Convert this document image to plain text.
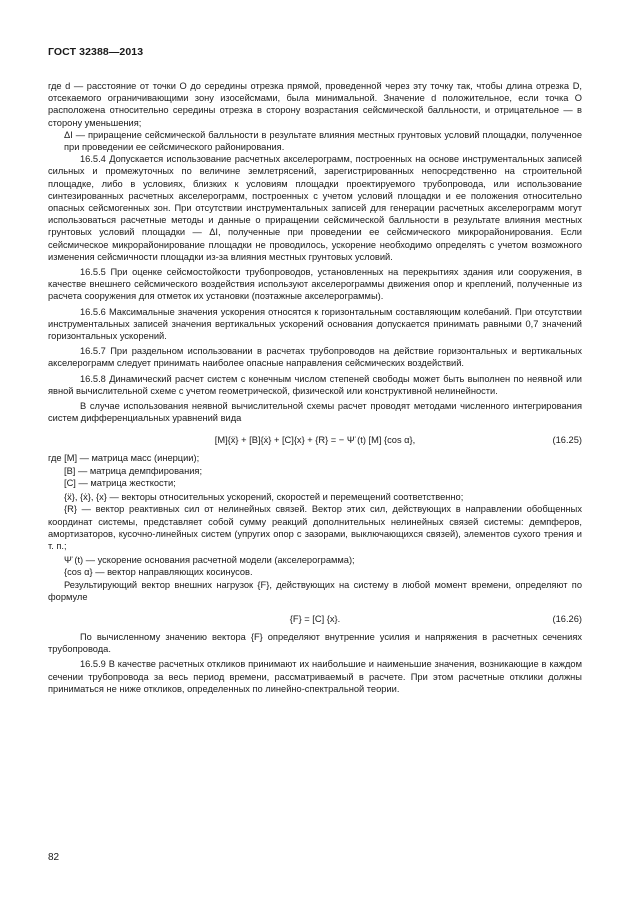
ГОСТ 32388—2013

где d — расстояние от точки O до середины отрезка прямой, проведенной через эту точку так, чтобы длина отрезка D, отсекаемого ограничивающими зону изосейсмами, была минимальной. Значение d положительное, если точка O расположена относительно середины отрезка в сторону возрастания сейсмической балльности, и отрицательное — в сторону уменьшения;

ΔI — приращение сейсмической балльности в результате влияния местных грунтовых условий площадки, полученное при проведении ее сейсмического районирования.

16.5.4 Допускается использование расчетных акселерограмм, построенных на основе инструментальных записей сильных и промежуточных по величине землетрясений, зарегистрированных непосредственно на строительной площадке, либо в условиях, близких к условиям площадки проектируемого трубопровода, или использование синтезированных расчетных акселерограмм, построенных с учетом условий площадки и ее положения относительно опасных сейсмогенных зон. При отсутствии инструментальных записей для генерации расчетных акселерограмм могут использоваться расчетные методы и данные о приращении сейсмической балльности в результате влияния местных грунтовых условий площадки — ΔI, полученные при проведении ее сейсмического микрорайонирования. Если сейсмическое микрорайонирование площадки не проводилось, ускорение необходимо определять с учетом возможного изменения сейсмичности площадки из-за влияния местных грунтовых условий.

16.5.5 При оценке сейсмостойкости трубопроводов, установленных на перекрытиях здания или сооружения, в качестве внешнего сейсмического воздействия используют акселерограммы движения опор и креплений, полученные из расчета сооружения для отметок их установки (поэтажные акселерограммы).

16.5.6 Максимальные значения ускорения относятся к горизонтальным составляющим колебаний. При отсутствии инструментальных записей значения вертикальных ускорений основания допускается принимать равными 0,7 значений горизонтальных ускорений.

16.5.7 При раздельном использовании в расчетах трубопроводов на действие горизонтальных и вертикальных акселерограмм следует принимать наиболее опасные направления сейсмических воздействий.

16.5.8 Динамический расчет систем с конечным числом степеней свободы может быть выполнен по неявной или явной вычислительной схеме с учетом геометрической, физической или конструктивной нелинейности.

В случае использования неявной вычислительной схемы расчет проводят методами численного интегрирования систем дифференциальных уравнений вида

[M]{ẍ} + [B]{ẋ} + [C]{x} + {R} = − Ψ̈ (t) [M] {cos α},	(16.25)

где [M] — матрица масс (инерции);

[B] — матрица демпфирования;

[C] — матрица жесткости;

{ẍ}, {ẋ}, {x} — векторы относительных ускорений, скоростей и перемещений соответственно;

{R} — вектор реактивных сил от нелинейных связей. Вектор этих сил, действующих в направлении обобщенных координат системы, представляет собой сумму реакций дополнительных нелинейных связей системы: демпферов, амортизаторов, кусочно-линейных систем (упругих опор с зазорами, выключающихся связей), элементов сухого трения и т. п.;

Ψ̈ (t) — ускорение основания расчетной модели (акселерограмма);

{cos α} — вектор направляющих косинусов.

Результирующий вектор внешних нагрузок {F}, действующих на систему в любой момент времени, определяют по формуле

{F} = [C] {x}.	(16.26)

По вычисленному значению вектора {F} определяют внутренние усилия и напряжения в расчетных сечениях трубопровода.

16.5.9 В качестве расчетных откликов принимают их наибольшие и наименьшие значения, возникающие в каждом сечении трубопровода за весь период времени, рассматриваемый в расчете. При этом расчетные отклики должны приниматься не ниже откликов, определенных по линейно-спектральной теории.

82
